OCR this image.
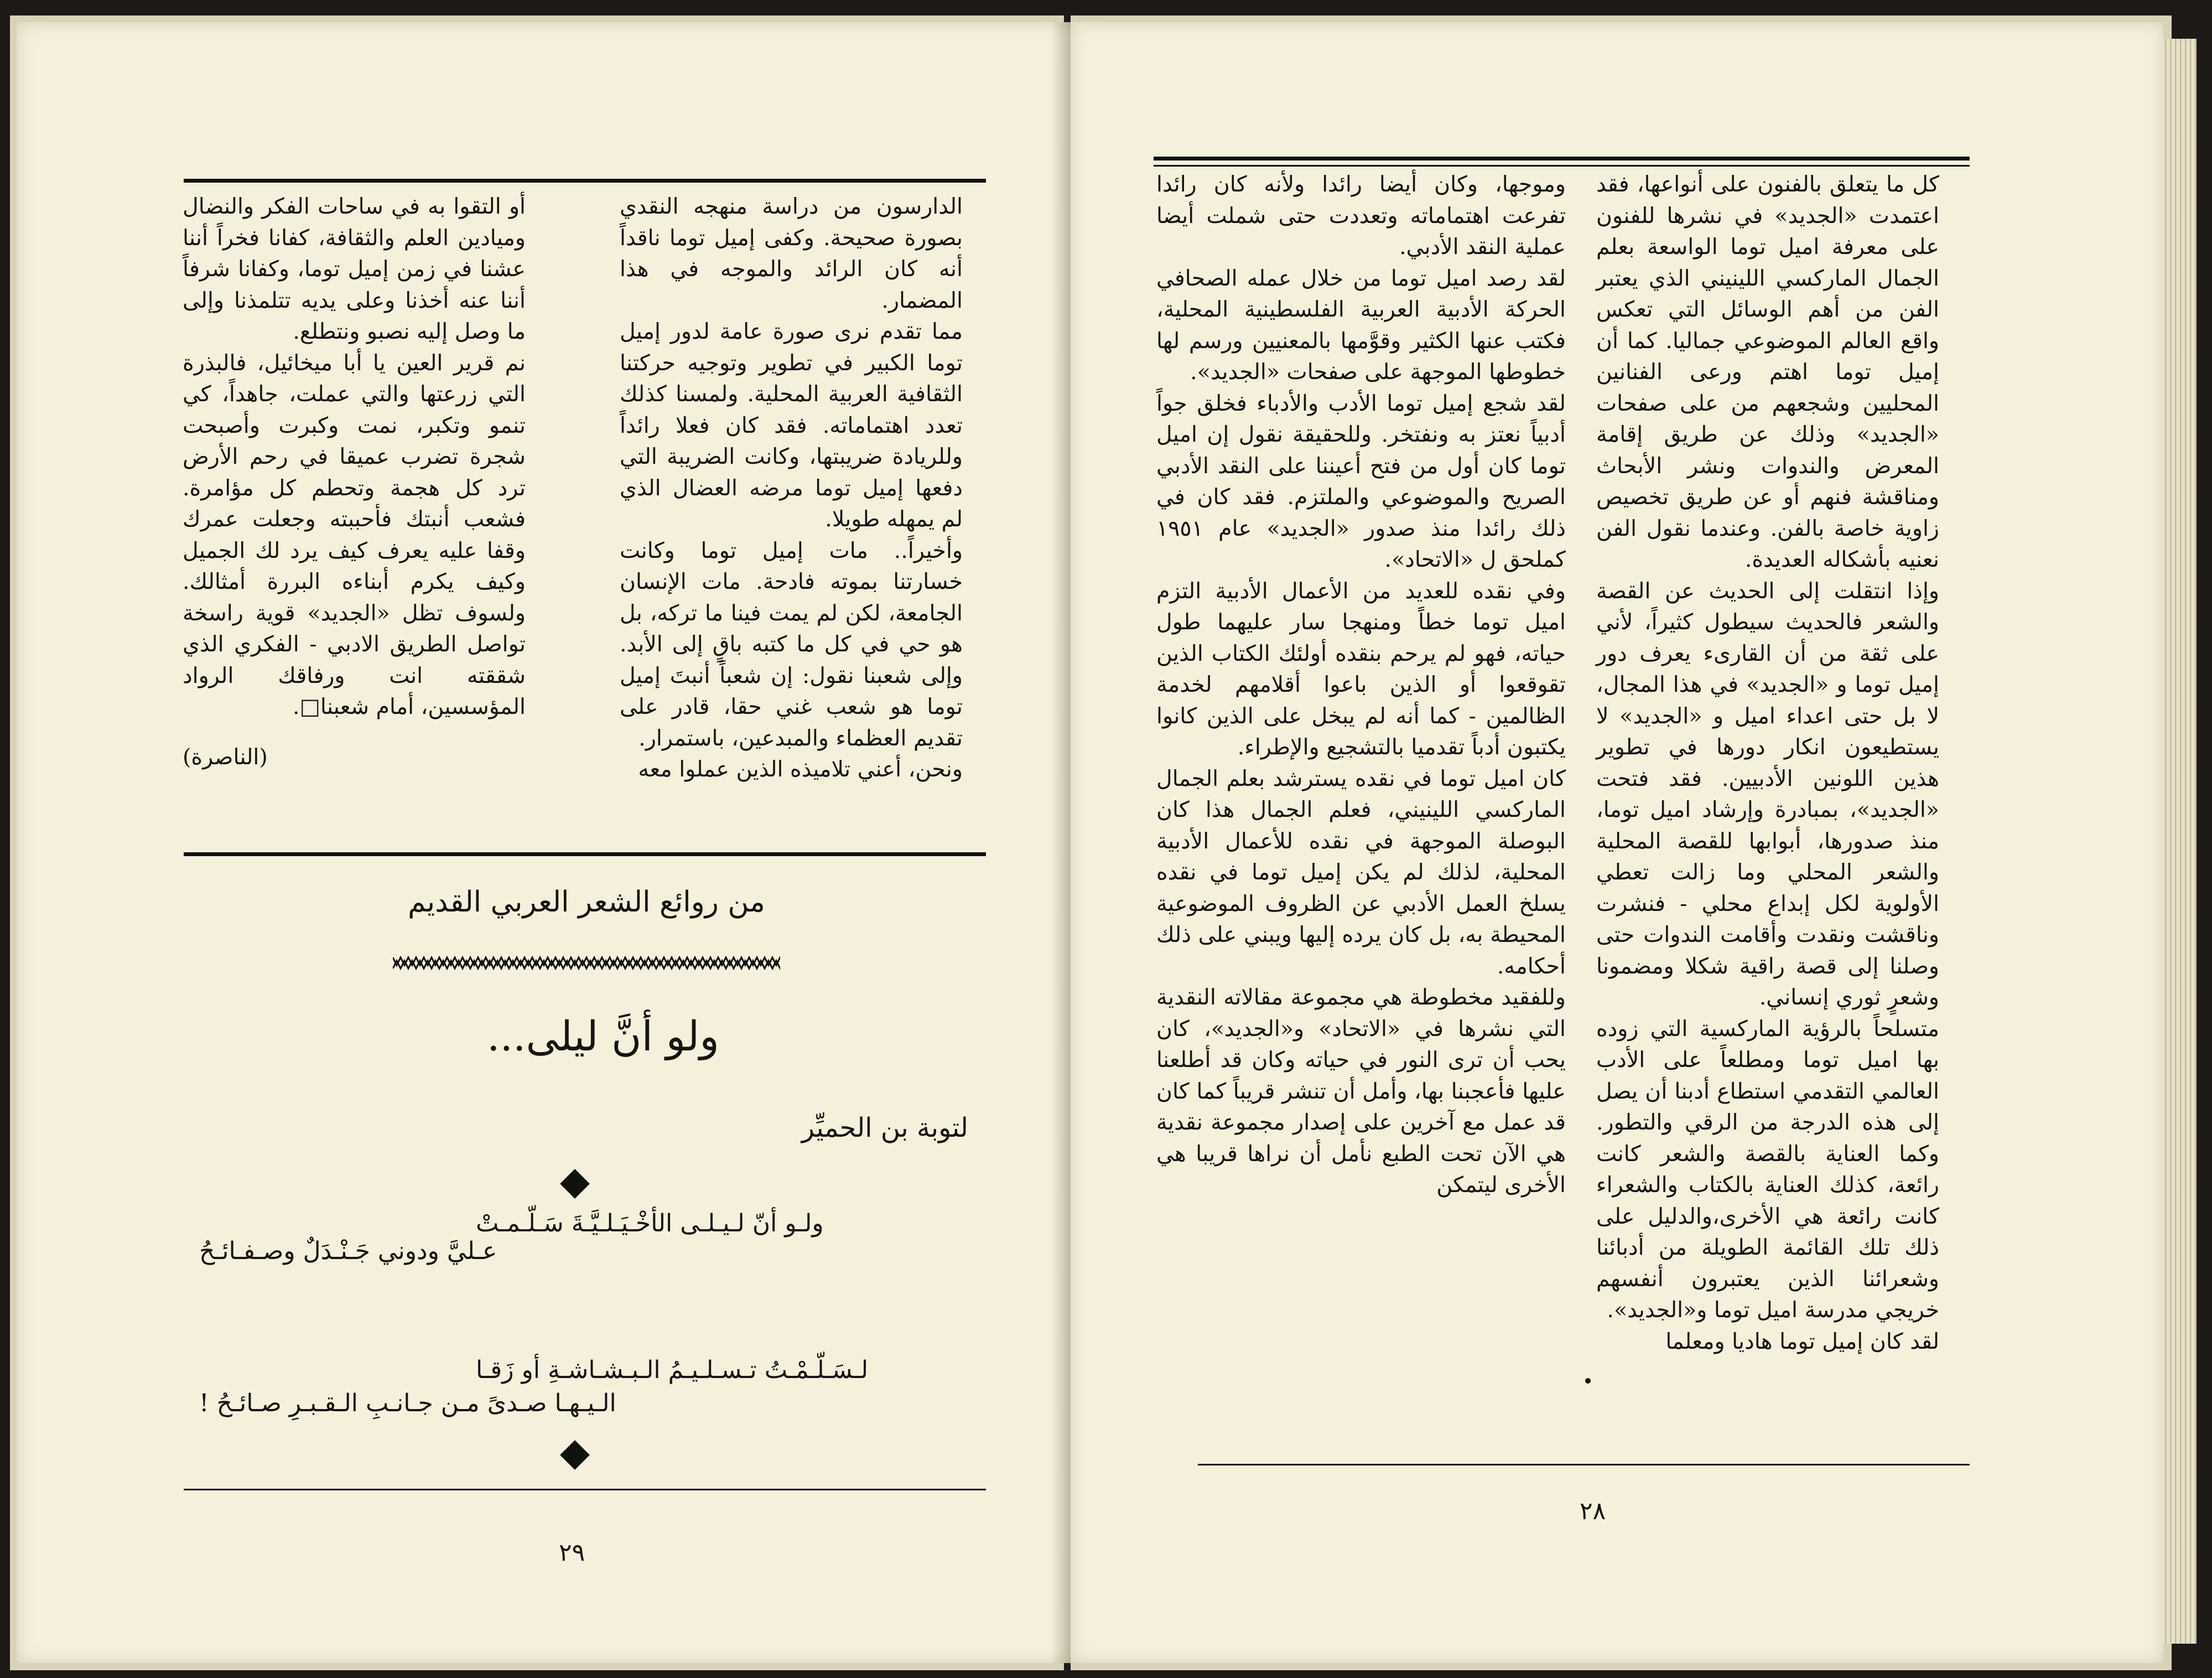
الدارسون من دراسة منهجه النقدي بصورة صحيحة. وكفى إميل توما ناقداً أنه كان الرائد والموجه في هذا المضمار.

مما تقدم نرى صورة عامة لدور إميل توما الكبير في تطوير وتوجيه حركتنا الثقافية العربية المحلية. ولمسنا كذلك تعدد اهتماماته. فقد كان فعلا رائداً وللريادة ضريبتها، وكانت الضريبة التي دفعها إميل توما مرضه العضال الذي لم يمهله طويلا.

وأخيراً.. مات إميل توما وكانت خسارتنا بموته فادحة. مات الإنسان الجامعة، لكن لم يمت فينا ما تركه، بل هو حي في كل ما كتبه باقٍ إلى الأبد. وإلى شعبنا نقول: إن شعباً أنبتَ إميل توما هو شعب غني حقا، قادر على تقديم العظماء والمبدعين، باستمرار.

ونحن، أعني تلاميذه الذين عملوا معه

أو التقوا به في ساحات الفكر والنضال وميادين العلم والثقافة، كفانا فخراً أننا عشنا في زمن إميل توما، وكفانا شرفاً أننا عنه أخذنا وعلى يديه تتلمذنا وإلى ما وصل إليه نصبو ونتطلع.

نم قرير العين يا أبا ميخائيل، فالبذرة التي زرعتها والتي عملت، جاهداً، كي تنمو وتكبر، نمت وكبرت وأصبحت شجرة تضرب عميقا في رحم الأرض ترد كل هجمة وتحطم كل مؤامرة. فشعب أنبتك فأحببته وجعلت عمرك وقفا عليه يعرف كيف يرد لك الجميل وكيف يكرم أبناءه البررة أمثالك. ولسوف تظل «الجديد» قوية راسخة تواصل الطريق الادبي - الفكري الذي شققته انت ورفاقك الرواد المؤسسين، أمام شعبنا□.

(الناصرة)

من روائع الشعر العربي القديم
ولو أنَّ ليلى...
لتوبة بن الحميِّر
ولـو أنّ لـيـلـى الأخْـيَـلـيَّـةَ سَـلّـمـتْ
عـليَّ ودوني جَـنْـدَلٌ وصـفـائـحُ
لـسَـلّـمْـتُ تـسـلـيـمُ الـبـشـاشـةِ أو زَقـا
الـيـهـا صـدىً مـن جـانـبِ الـقـبـرِ صـائـحُ !
٢٩

كل ما يتعلق بالفنون على أنواعها، فقد اعتمدت «الجديد» في نشرها للفنون على معرفة اميل توما الواسعة بعلم الجمال الماركسي اللينيني الذي يعتبر الفن من أهم الوسائل التي تعكس واقع العالم الموضوعي جماليا. كما أن إميل توما اهتم ورعى الفنانين المحليين وشجعهم من على صفحات «الجديد» وذلك عن طريق إقامة المعرض والندوات ونشر الأبحاث ومناقشة فنهم أو عن طريق تخصيص زاوية خاصة بالفن. وعندما نقول الفن نعنيه بأشكاله العديدة.

وإذا انتقلت إلى الحديث عن القصة والشعر فالحديث سيطول كثيراً، لأني على ثقة من أن القارىء يعرف دور إميل توما و «الجديد» في هذا المجال، لا بل حتى اعداء اميل و «الجديد» لا يستطيعون انكار دورها في تطوير هذين اللونين الأدبيين. فقد فتحت «الجديد»، بمبادرة وإرشاد اميل توما، منذ صدورها، أبوابها للقصة المحلية والشعر المحلي وما زالت تعطي الأولوية لكل إبداع محلي - فنشرت وناقشت ونقدت وأقامت الندوات حتى وصلنا إلى قصة راقية شكلا ومضمونا وشعرٍ ثوري إنساني.

متسلحاً بالرؤية الماركسية التي زوده بها اميل توما ومطلعاً على الأدب العالمي التقدمي استطاع أدبنا أن يصل إلى هذه الدرجة من الرقي والتطور. وكما العناية بالقصة والشعر كانت رائعة، كذلك العناية بالكتاب والشعراء كانت رائعة هي الأخرى،والدليل على ذلك تلك القائمة الطويلة من أدبائنا وشعرائنا الذين يعتبرون أنفسهم خريجي مدرسة اميل توما و«الجديد».

لقد كان إميل توما هاديا ومعلما

وموجها، وكان أيضا رائدا ولأنه كان رائدا تفرعت اهتماماته وتعددت حتى شملت أيضا عملية النقد الأدبي.

لقد رصد اميل توما من خلال عمله الصحافي الحركة الأدبية العربية الفلسطينية المحلية، فكتب عنها الكثير وقوَّمها بالمعنيين ورسم لها خطوطها الموجهة على صفحات «الجديد».

لقد شجع إميل توما الأدب والأدباء فخلق جواً أدبياً نعتز به ونفتخر. وللحقيقة نقول إن اميل توما كان أول من فتح أعيننا على النقد الأدبي الصريح والموضوعي والملتزم. فقد كان في ذلك رائدا منذ صدور «الجديد» عام ١٩٥١ كملحق ل «الاتحاد».

وفي نقده للعديد من الأعمال الأدبية التزم اميل توما خطاً ومنهجا سار عليهما طول حياته، فهو لم يرحم بنقده أولئك الكتاب الذين تقوقعوا أو الذين باعوا أقلامهم لخدمة الظالمين - كما أنه لم يبخل على الذين كانوا يكتبون أدباً تقدميا بالتشجيع والإطراء.

كان اميل توما في نقده يسترشد بعلم الجمال الماركسي اللينيني، فعلم الجمال هذا كان البوصلة الموجهة في نقده للأعمال الأدبية المحلية، لذلك لم يكن إميل توما في نقده يسلخ العمل الأدبي عن الظروف الموضوعية المحيطة به، بل كان يرده إليها ويبني على ذلك أحكامه.

وللفقيد مخطوطة هي مجموعة مقالاته النقدية التي نشرها في «الاتحاد» و«الجديد»، كان يحب أن ترى النور في حياته وكان قد أطلعنا عليها فأعجبنا بها، وأمل أن تنشر قريباً كما كان قد عمل مع آخرين على إصدار مجموعة نقدية هي الآن تحت الطبع نأمل أن نراها قريبا هي الأخرى ليتمكن

٢٨
